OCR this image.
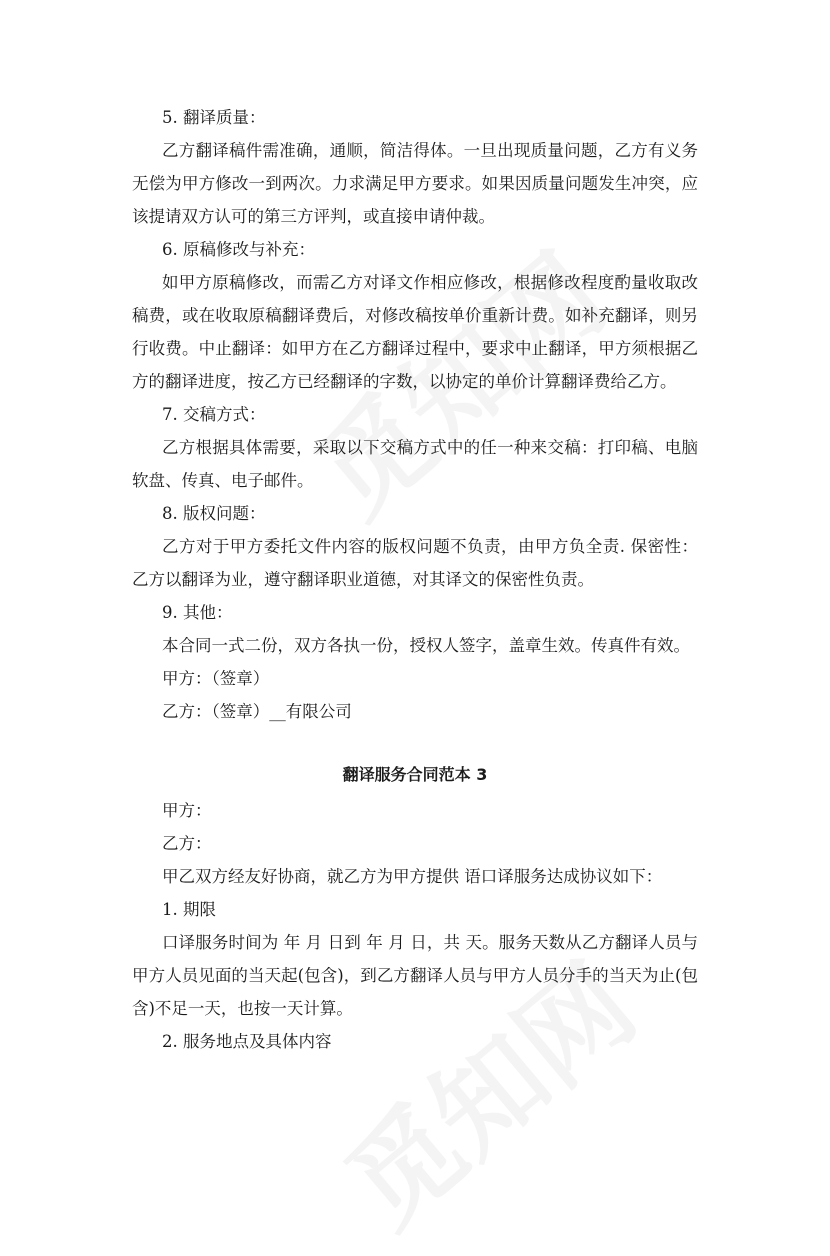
5. 翻译质量：

乙方翻译稿件需准确，通顺，简洁得体。一旦出现质量问题，乙方有义务无偿为甲方修改一到两次。力求满足甲方要求。如果因质量问题发生冲突，应该提请双方认可的第三方评判，或直接申请仲裁。

6. 原稿修改与补充：

如甲方原稿修改，而需乙方对译文作相应修改，根据修改程度酌量收取改稿费，或在收取原稿翻译费后，对修改稿按单价重新计费。如补充翻译，则另行收费。中止翻译：如甲方在乙方翻译过程中，要求中止翻译，甲方须根据乙方的翻译进度，按乙方已经翻译的字数，以协定的单价计算翻译费给乙方。

7. 交稿方式：

乙方根据具体需要，采取以下交稿方式中的任一种来交稿：打印稿、电脑软盘、传真、电子邮件。

8. 版权问题：

乙方对于甲方委托文件内容的版权问题不负责，由甲方负全责. 保密性：乙方以翻译为业，遵守翻译职业道德，对其译文的保密性负责。

9. 其他：

本合同一式二份，双方各执一份，授权人签字，盖章生效。传真件有效。

甲方：（签章）

乙方：（签章）__有限公司

翻译服务合同范本 3

甲方：

乙方：

甲乙双方经友好协商，就乙方为甲方提供 语口译服务达成协议如下：

1. 期限

口译服务时间为 年 月 日到 年 月 日，共 天。服务天数从乙方翻译人员与甲方人员见面的当天起(包含)，到乙方翻译人员与甲方人员分手的当天为止(包含)不足一天，也按一天计算。

2. 服务地点及具体内容
